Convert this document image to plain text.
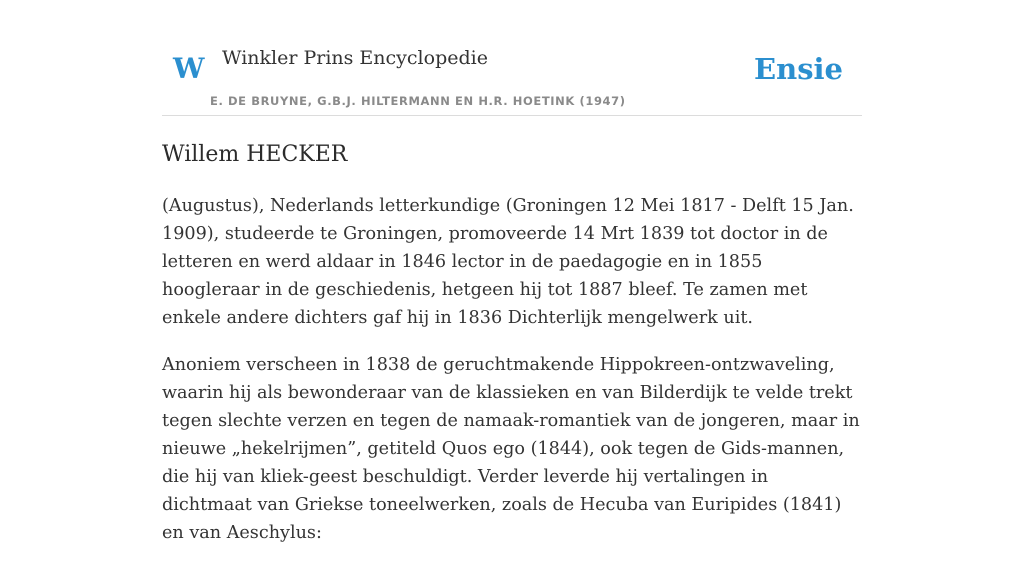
W Winkler Prins Encyclopedie
E. DE BRUYNE, G.B.J. HILTERMANN EN H.R. HOETINK (1947)
Ensie
Willem HECKER

(Augustus), Nederlands letterkundige (Groningen 12 Mei 1817 - Delft 15 Jan. 1909), studeerde te Groningen, promoveerde 14 Mrt 1839 tot doctor in de letteren en werd aldaar in 1846 lector in de paedagogie en in 1855 hoogleraar in de geschiedenis, hetgeen hij tot 1887 bleef. Te zamen met enkele andere dichters gaf hij in 1836 Dichterlijk mengelwerk uit.

Anoniem verscheen in 1838 de geruchtmakende Hippokreen-ontzwaveling, waarin hij als bewonderaar van de klassieken en van Bilderdijk te velde trekt tegen slechte verzen en tegen de namaak-romantiek van de jongeren, maar in nieuwe „hekelrijmen”, getiteld Quos ego (1844), ook tegen de Gids-mannen, die hij van kliek-geest beschuldigt. Verder leverde hij vertalingen in dichtmaat van Griekse toneelwerken, zoals de Hecuba van Euripides (1841) en van Aeschylus:
